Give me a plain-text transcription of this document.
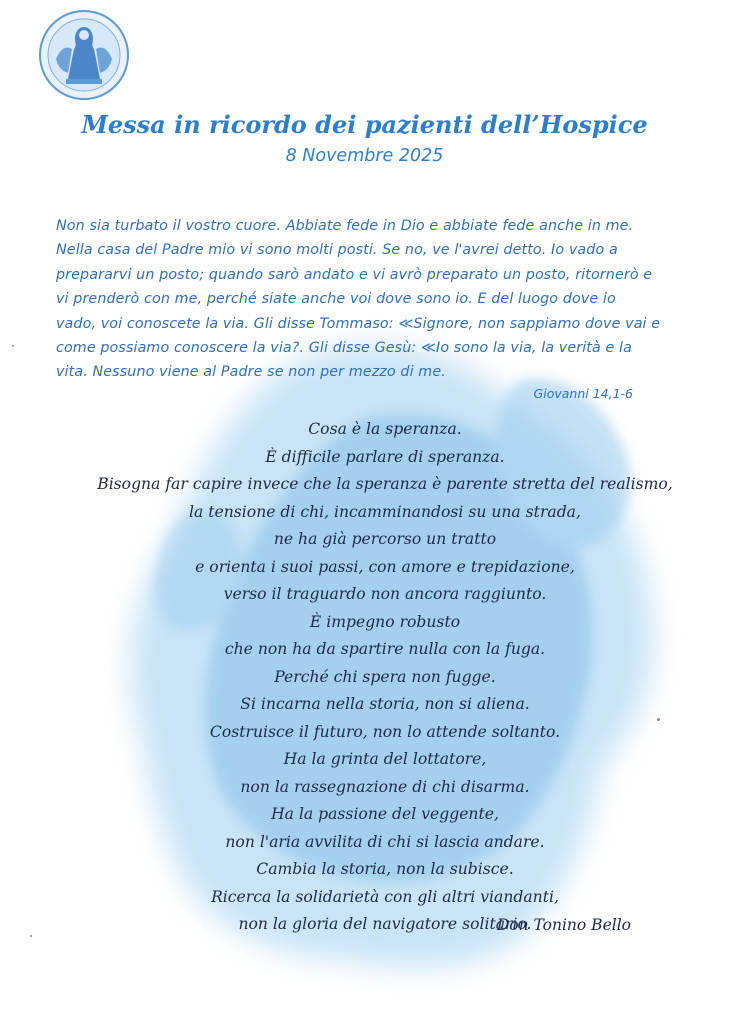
Messa in ricordo dei pazienti dell’Hospice
8 Novembre 2025
Non sia turbato il vostro cuore. Abbiate fede in Dio e abbiate fede anche in me.
Nella casa del Padre mio vi sono molti posti. Se no, ve l'avrei detto. Io vado a
prepararvi un posto; quando sarò andato e vi avrò preparato un posto, ritornerò e
vi prenderò con me, perché siate anche voi dove sono io. E del luogo dove io
vado, voi conoscete la via. Gli disse Tommaso: ≪Signore, non sappiamo dove vai e
come possiamo conoscere la via?. Gli disse Gesù: ≪Io sono la via, la verità e la
vita. Nessuno viene al Padre se non per mezzo di me.
Giovanni 14,1-6
Cosa è la speranza.
È difficile parlare di speranza.
Bisogna far capire invece che la speranza è parente stretta del realismo,
la tensione di chi, incamminandosi su una strada,
ne ha già percorso un tratto
e orienta i suoi passi, con amore e trepidazione,
verso il traguardo non ancora raggiunto.
È impegno robusto
che non ha da spartire nulla con la fuga.
Perché chi spera non fugge.
Si incarna nella storia, non si aliena.
Costruisce il futuro, non lo attende soltanto.
Ha la grinta del lottatore,
non la rassegnazione di chi disarma.
Ha la passione del veggente,
non l'aria avvilita di chi si lascia andare.
Cambia la storia, non la subisce.
Ricerca la solidarietà con gli altri viandanti,
non la gloria del navigatore solitario.
Don Tonino Bello
